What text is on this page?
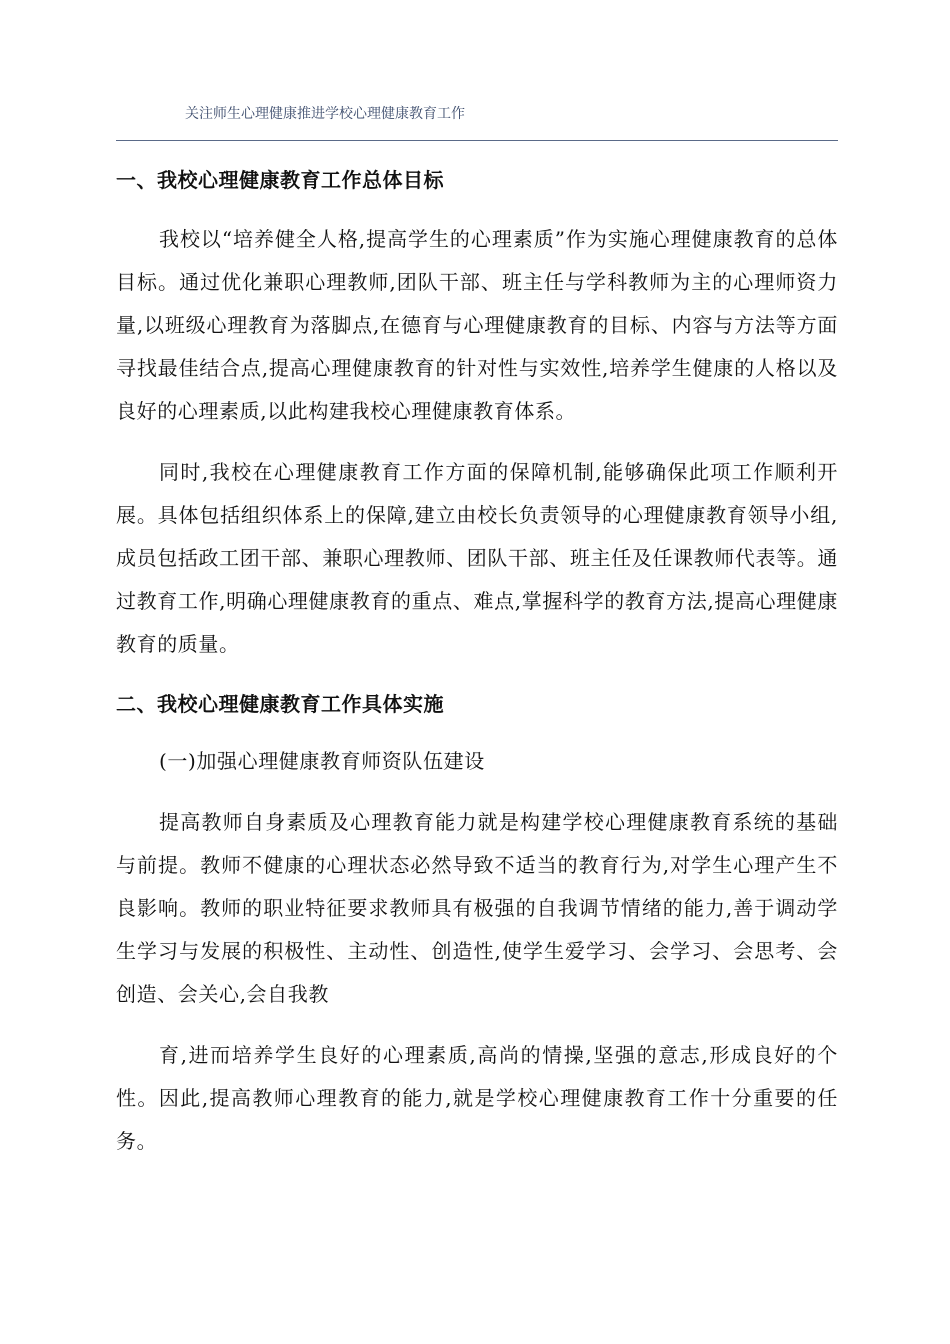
关注师生心理健康推进学校心理健康教育工作
一、我校心理健康教育工作总体目标

我校以“培养健全人格,提高学生的心理素质”作为实施心理健康教育的总体目标。通过优化兼职心理教师,团队干部、班主任与学科教师为主的心理师资力量,以班级心理教育为落脚点,在德育与心理健康教育的目标、内容与方法等方面寻找最佳结合点,提高心理健康教育的针对性与实效性,培养学生健康的人格以及良好的心理素质,以此构建我校心理健康教育体系。

同时,我校在心理健康教育工作方面的保障机制,能够确保此项工作顺利开展。具体包括组织体系上的保障,建立由校长负责领导的心理健康教育领导小组,成员包括政工团干部、兼职心理教师、团队干部、班主任及任课教师代表等。通过教育工作,明确心理健康教育的重点、难点,掌握科学的教育方法,提高心理健康教育的质量。

二、我校心理健康教育工作具体实施

(一)加强心理健康教育师资队伍建设

提高教师自身素质及心理教育能力就是构建学校心理健康教育系统的基础与前提。教师不健康的心理状态必然导致不适当的教育行为,对学生心理产生不良影响。教师的职业特征要求教师具有极强的自我调节情绪的能力,善于调动学生学习与发展的积极性、主动性、创造性,使学生爱学习、会学习、会思考、会创造、会关心,会自我教

育,进而培养学生良好的心理素质,高尚的情操,坚强的意志,形成良好的个性。因此,提高教师心理教育的能力,就是学校心理健康教育工作十分重要的任务。
